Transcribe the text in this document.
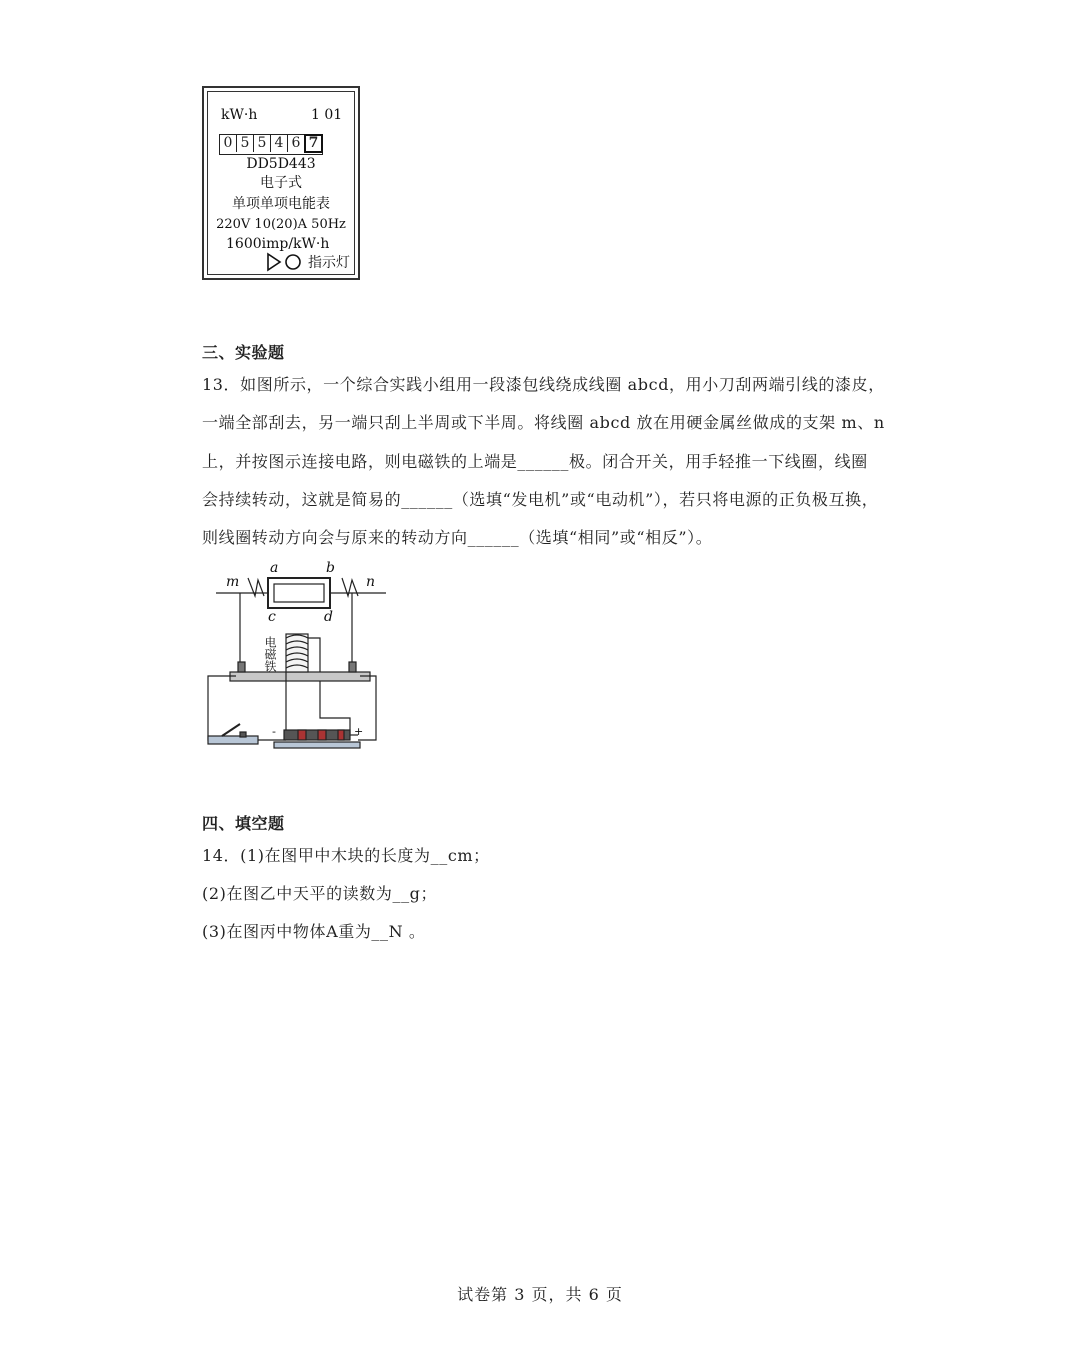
kW·h	1 01
0 5 5 4 6 7
DD5D443
电子式
单项单项电能表
220V 10(20)A 50Hz
1600imp/kW·h
指示灯
三、实验题
13．如图所示，一个综合实践小组用一段漆包线绕成线圈 abcd，用小刀刮两端引线的漆皮，
一端全部刮去，另一端只刮上半周或下半周。将线圈 abcd 放在用硬金属丝做成的支架 m、n
上，并按图示连接电路，则电磁铁的上端是______极。闭合开关，用手轻推一下线圈，线圈
会持续转动，这就是简易的______（选填“发电机”或“电动机”），若只将电源的正负极互换，
则线圈转动方向会与原来的转动方向______（选填“相同”或“相反”）。
m	n
a	b
c	d
电磁铁
-	+
四、填空题
14．(1)在图甲中木块的长度为__cm；
(2)在图乙中天平的读数为__g；
(3)在图丙中物体A重为__N 。
试卷第 3 页，共 6 页
